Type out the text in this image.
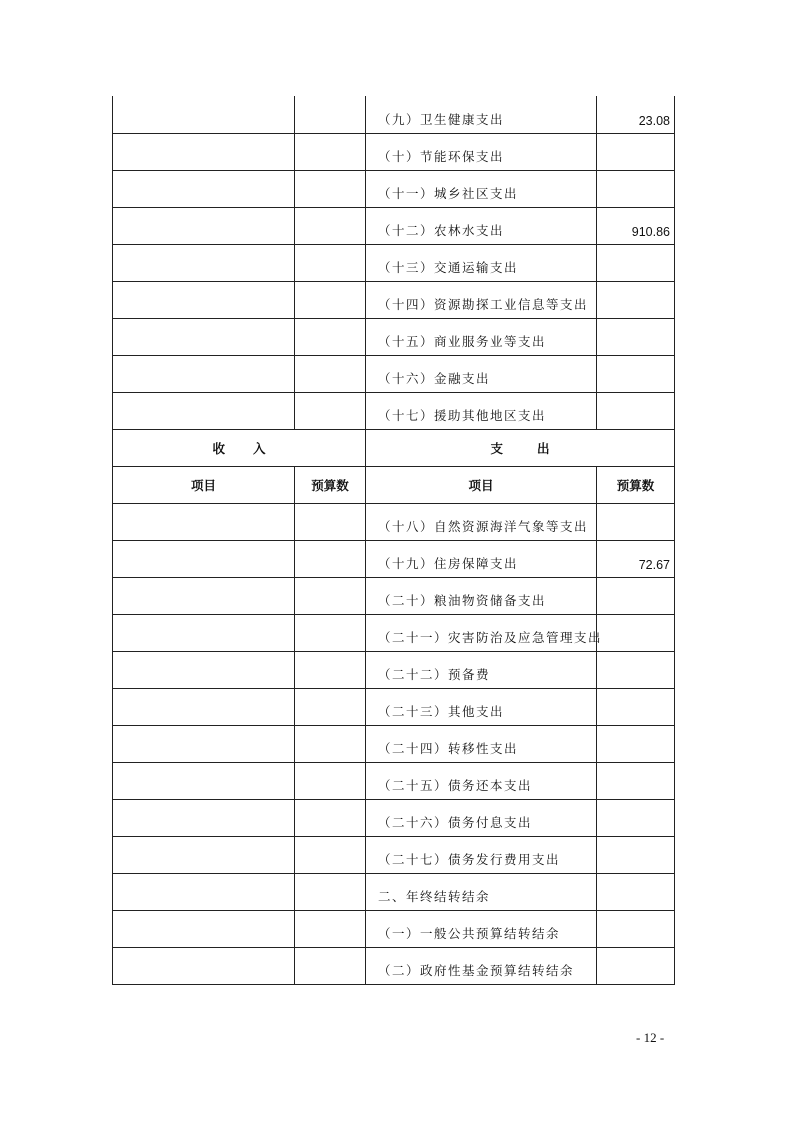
		（九）卫生健康支出	23.08
		（十）节能环保支出	
		（十一）城乡社区支出	
		（十二）农林水支出	910.86
		（十三）交通运输支出	
		（十四）资源勘探工业信息等支出	
		（十五）商业服务业等支出	
		（十六）金融支出	
		（十七）援助其他地区支出	
收入		支出	
项目	预算数	项目	预算数
		（十八）自然资源海洋气象等支出	
		（十九）住房保障支出	72.67
		（二十）粮油物资储备支出	
		（二十一）灾害防治及应急管理支出	
		（二十二）预备费	
		（二十三）其他支出	
		（二十四）转移性支出	
		（二十五）债务还本支出	
		（二十六）债务付息支出	
		（二十七）债务发行费用支出	
		二、年终结转结余	
		（一）一般公共预算结转结余	
		（二）政府性基金预算结转结余	
- 12 -
